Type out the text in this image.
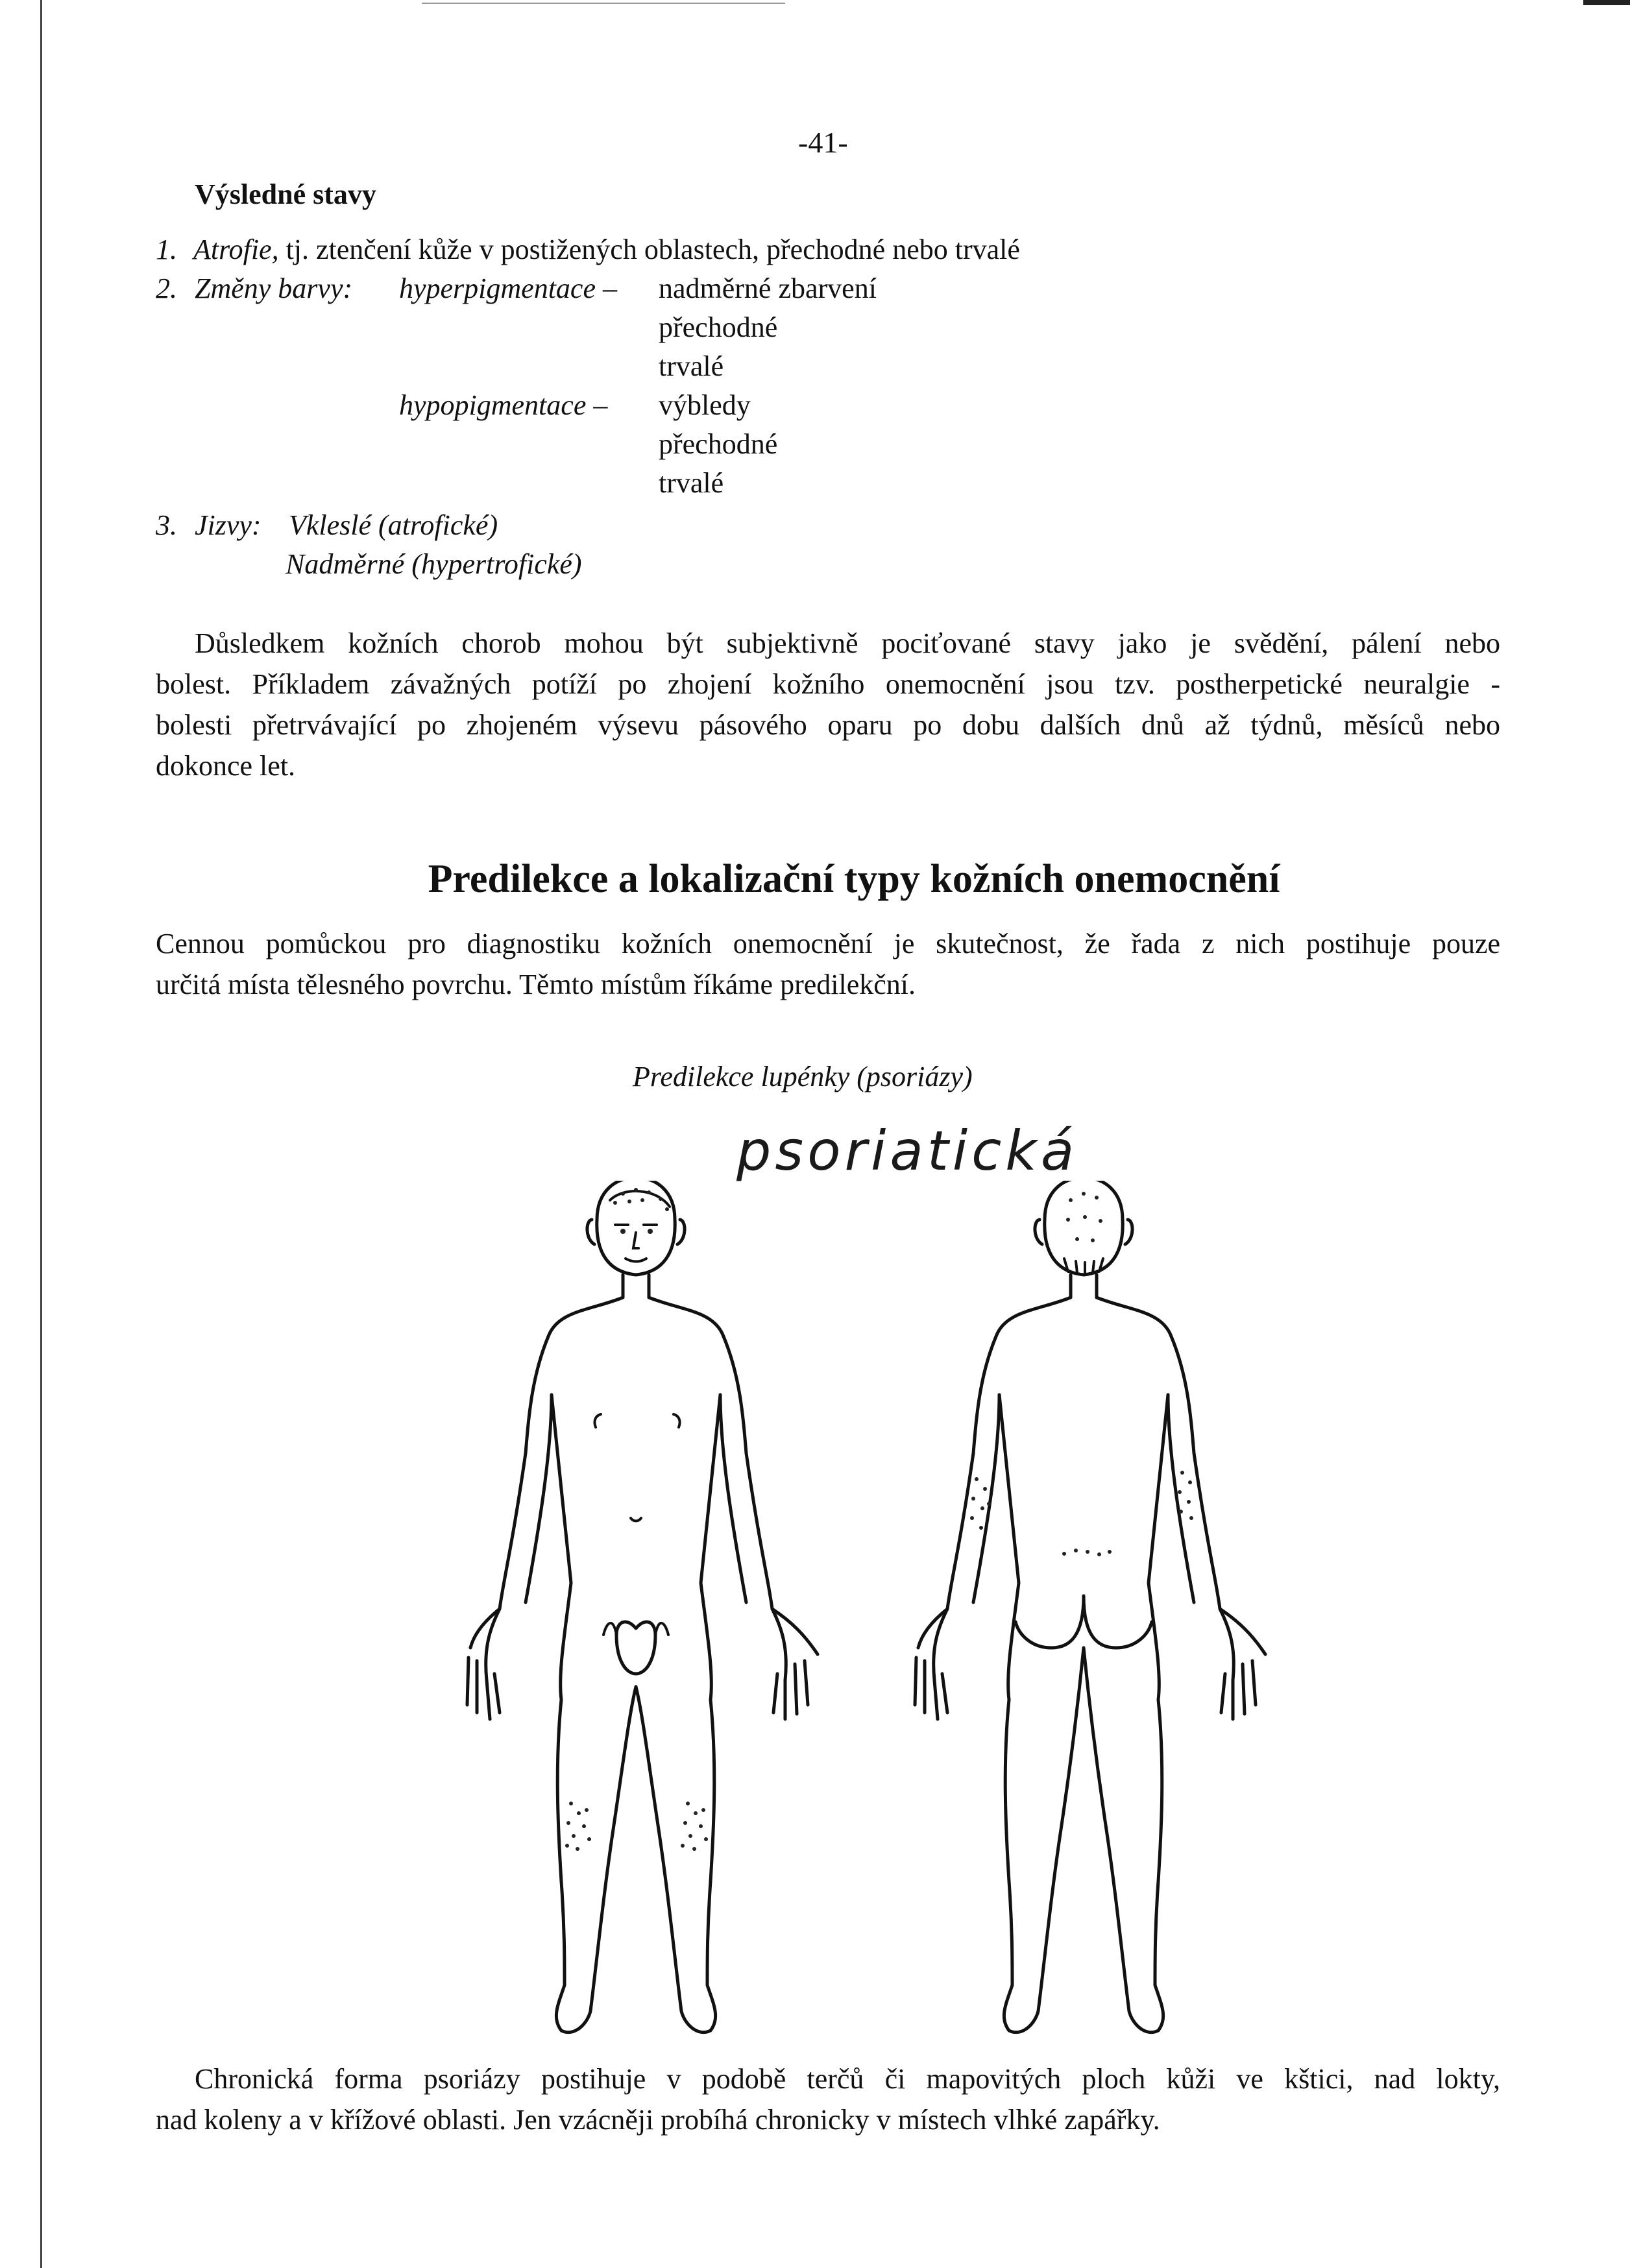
-41-
Výsledné stavy
1. Atrofie, tj. ztenčení kůže v postižených oblastech, přechodné nebo trvalé
2. Změny barvy: hyperpigmentace – nadměrné zbarvení
přechodné
trvalé
hypopigmentace – výbledy
přechodné
trvalé
3. Jizvy: Vkleslé (atrofické)
Nadměrné (hypertrofické)
Důsledkem kožních chorob mohou být subjektivně pociťované stavy jako je svědění, pálení nebo
bolest. Příkladem závažných potíží po zhojení kožního onemocnění jsou tzv. postherpetické neuralgie -
bolesti přetrvávající po zhojeném výsevu pásového oparu po dobu dalších dnů až týdnů, měsíců nebo
dokonce let.
Predilekce a lokalizační typy kožních onemocnění
Cennou pomůckou pro diagnostiku kožních onemocnění je skutečnost, že řada z nich postihuje pouze
určitá místa tělesného povrchu. Těmto místům říkáme predilekční.
Predilekce lupénky (psoriázy)
psoriatická
Chronická forma psoriázy postihuje v podobě terčů či mapovitých ploch kůži ve kštici, nad lokty,
nad koleny a v křížové oblasti. Jen vzácněji probíhá chronicky v místech vlhké zapářky.
